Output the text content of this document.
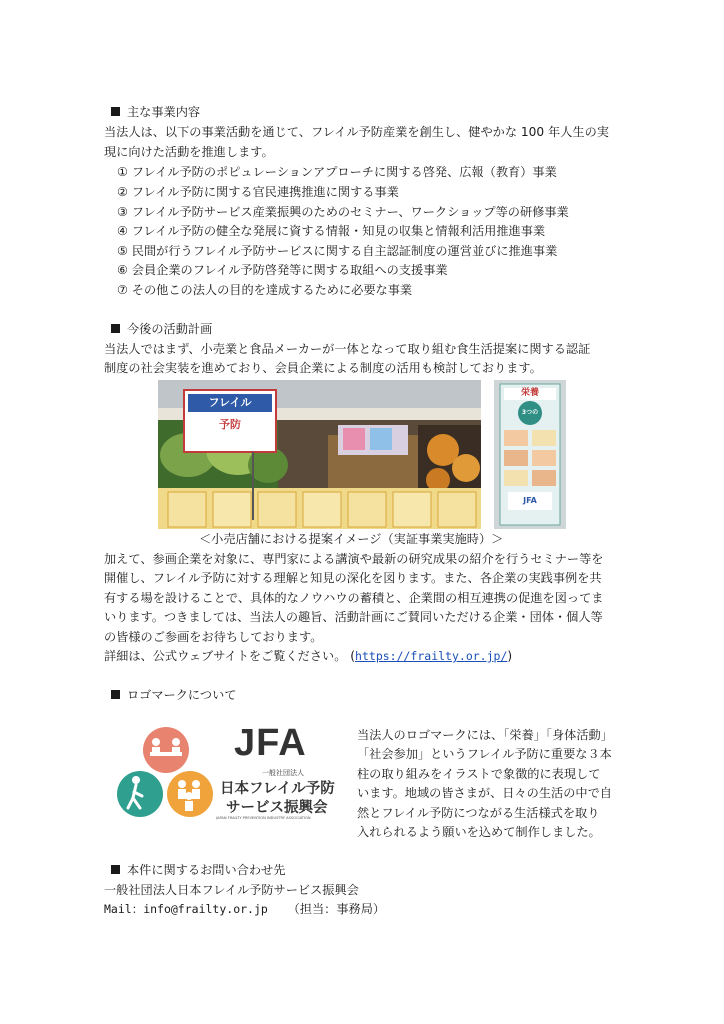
主な事業内容
当法人は、以下の事業活動を通じて、フレイル予防産業を創生し、健やかな 100 年人生の実
現に向けた活動を推進します。
① フレイル予防のポピュレーションアプローチに関する啓発、広報（教育）事業
② フレイル予防に関する官民連携推進に関する事業
③ フレイル予防サービス産業振興のためのセミナー、ワークショップ等の研修事業
④ フレイル予防の健全な発展に資する情報・知見の収集と情報利活用推進事業
⑤ 民間が行うフレイル予防サービスに関する自主認証制度の運営並びに推進事業
⑥ 会員企業のフレイル予防啓発等に関する取組への支援事業
⑦ その他この法人の目的を達成するために必要な事業
今後の活動計画
当法人ではまず、小売業と食品メーカーが一体となって取り組む食生活提案に関する認証
制度の社会実装を進めており、会員企業による制度の活用も検討しております。
フレイル
予防
栄養
3つの
JFA
＜小売店舗における提案イメージ（実証事業実施時）＞
加えて、参画企業を対象に、専門家による講演や最新の研究成果の紹介を行うセミナー等を
開催し、フレイル予防に対する理解と知見の深化を図ります。また、各企業の実践事例を共
有する場を設けることで、具体的なノウハウの蓄積と、企業間の相互連携の促進を図ってま
いります。つきましては、当法人の趣旨、活動計画にご賛同いただける企業・団体・個人等
の皆様のご参画をお待ちしております。
詳細は、公式ウェブサイトをご覧ください。 (https://frailty.or.jp/)
ロゴマークについて
JFA
一般社団法人
日本フレイル予防
サービス振興会
JAPAN FRAILTY PREVENTION INDUSTRY ASSOCIATION
当法人のロゴマークには、「栄養」「身体活動」
「社会参加」というフレイル予防に重要な３本
柱の取り組みをイラストで象徴的に表現して
います。地域の皆さまが、日々の生活の中で自
然とフレイル予防につながる生活様式を取り
入れられるよう願いを込めて制作しました。
本件に関するお問い合わせ先
一般社団法人日本フレイル予防サービス振興会
Mail：info@frailty.or.jp （担当：事務局）
